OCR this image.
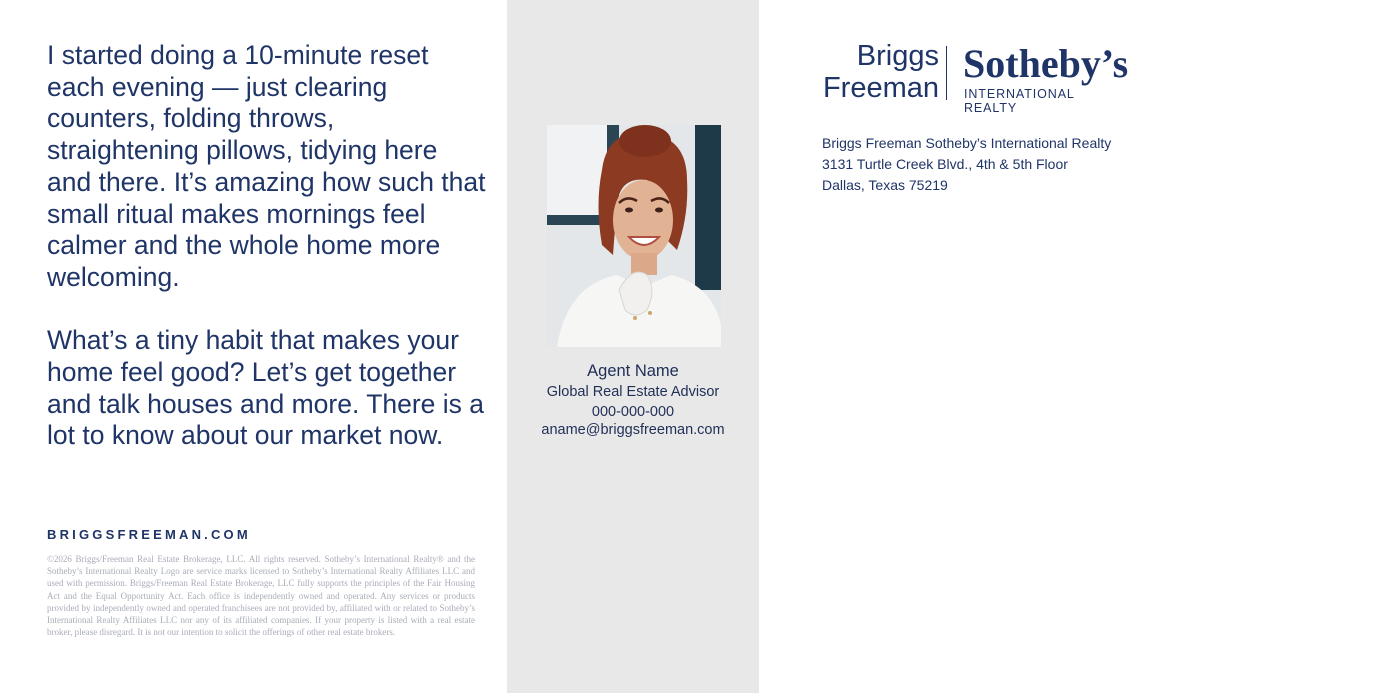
I started doing a 10-minute reset each evening — just clearing counters, folding throws, straightening pillows, tidying here and there. It’s amazing how such that small ritual makes mornings feel calmer and the whole home more welcoming.

What’s a tiny habit that makes your home feel good? Let’s get together and talk houses and more. There is a lot to know about our market now.

BRIGGSFREEMAN.COM
©2026 Briggs/Freeman Real Estate Brokerage, LLC. All rights reserved. Sotheby’s International Realty® and the Sotheby’s International Realty Logo are service marks licensed to Sotheby’s International Realty Affiliates LLC and used with permission. Briggs/Freeman Real Estate Brokerage, LLC fully supports the principles of the Fair Housing Act and the Equal Opportunity Act. Each office is independently owned and operated. Any services or products provided by independently owned and operated franchisees are not provided by, affiliated with or related to Sotheby’s International Realty Affiliates LLC nor any of its affiliated companies. If your property is listed with a real estate broker, please disregard. It is not our intention to solicit the offerings of other real estate brokers.
Agent Name
Global Real Estate Advisor
000-000-000
aname@briggsfreeman.com
Briggs
Freeman
Sotheby’s
INTERNATIONAL REALTY
Briggs Freeman Sotheby’s International Realty
3131 Turtle Creek Blvd., 4th & 5th Floor
Dallas, Texas 75219
